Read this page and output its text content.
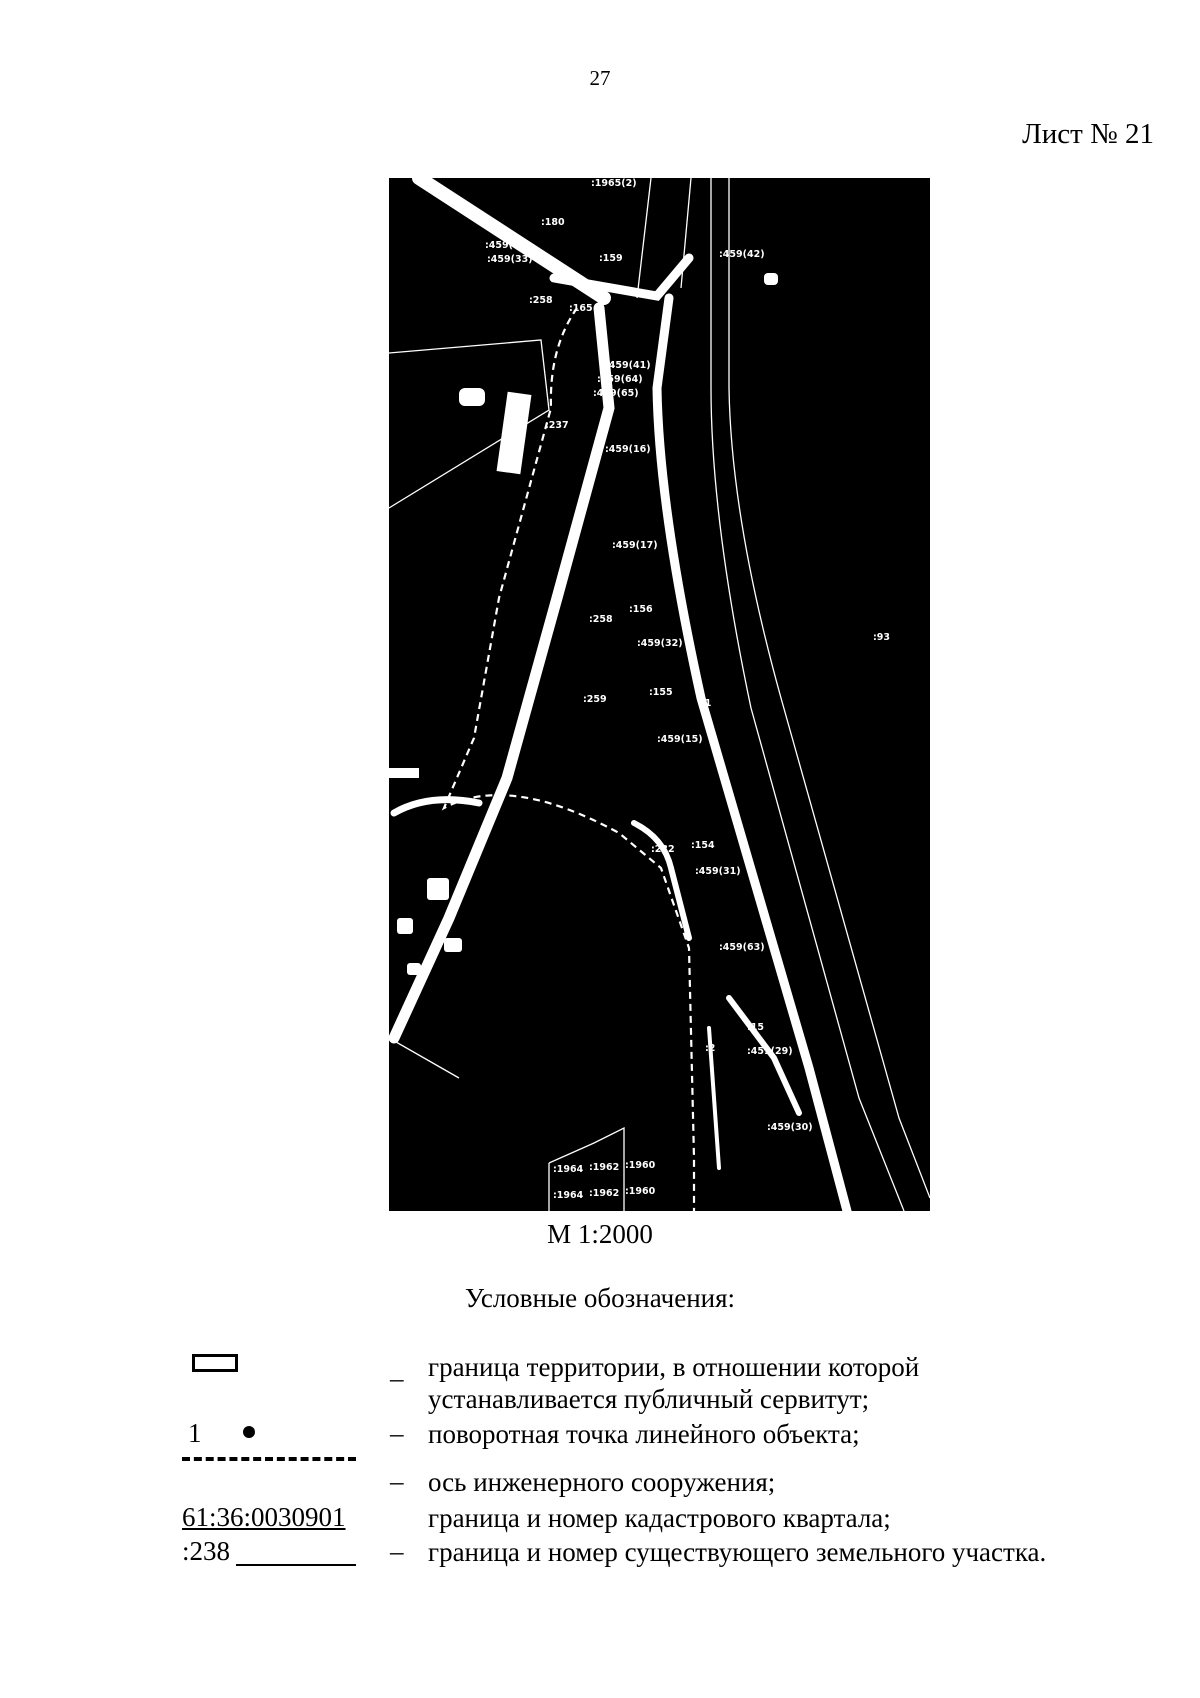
27
Лист № 21
:1965(2)
:180
:459(1
:459(33)	:159	:459(42)
:258
:165
:459(41)
:459(64)
:459(65)
:237
:459(16)
:459(17)
:156
:258
:459(32)
:93
:259
:155
:1
:459(15)
:232 :154
:459(31)
:459(63)
:2
:15
:459(29)
:459(30)
:1964 :1962 :1960
:1964 :1962 :1960
М 1:2000
Условные обозначения:
– граница территории, в отношении которой
устанавливается публичный сервитут;
1	– поворотная точка линейного объекта;
– ось инженерного сооружения;
61:36:0030901	граница и номер кадастрового квартала;
:238	– граница и номер существующего земельного участка.
